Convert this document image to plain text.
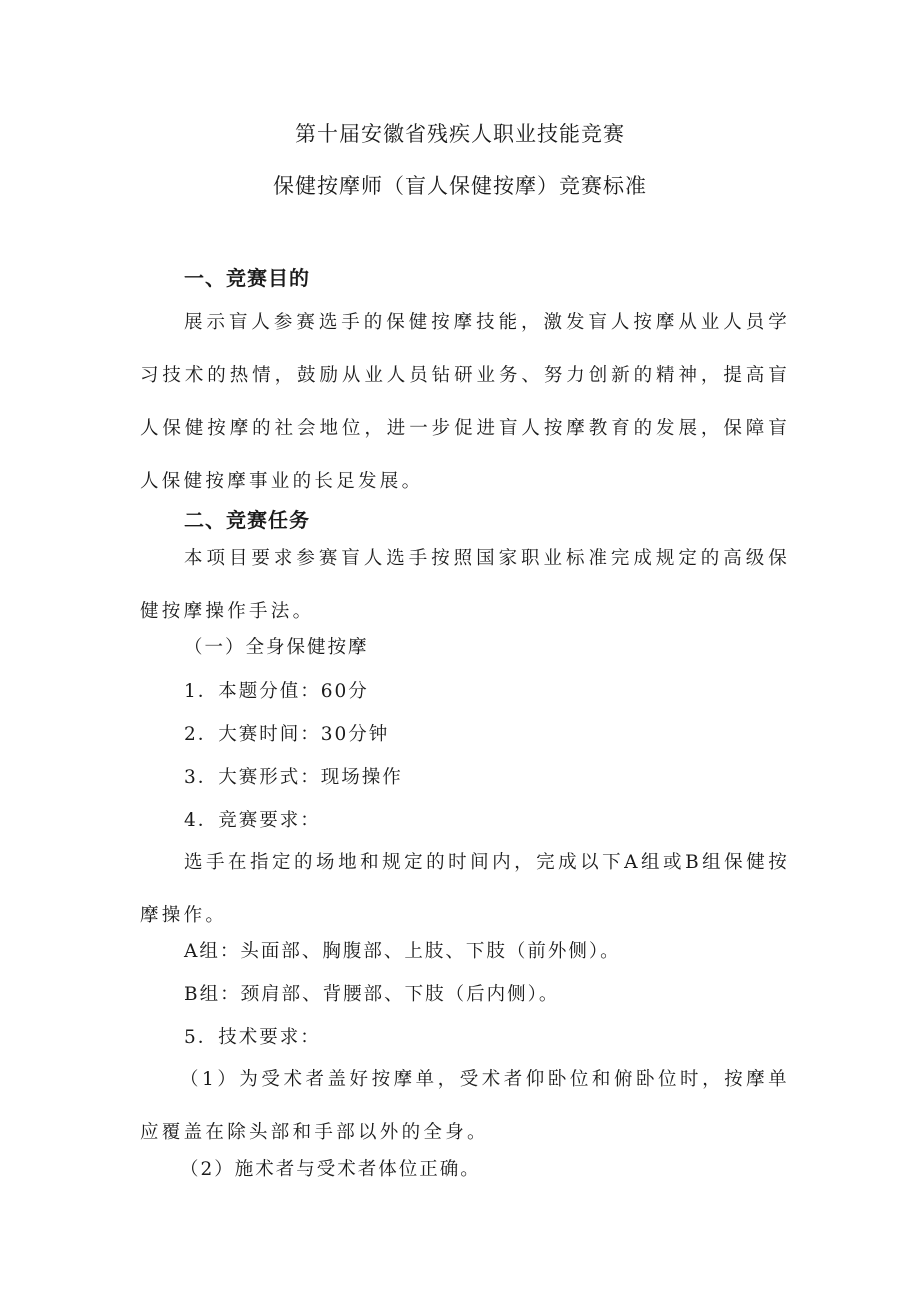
第十届安徽省残疾人职业技能竞赛
保健按摩师（盲人保健按摩）竞赛标准
一、竞赛目的
展示盲人参赛选手的保健按摩技能，激发盲人按摩从业人员学习技术的热情，鼓励从业人员钻研业务、努力创新的精神，提高盲人保健按摩的社会地位，进一步促进盲人按摩教育的发展，保障盲人保健按摩事业的长足发展。
二、竞赛任务
本项目要求参赛盲人选手按照国家职业标准完成规定的高级保健按摩操作手法。
（一）全身保健按摩
1．本题分值：60分
2．大赛时间：30分钟
3．大赛形式：现场操作
4．竞赛要求：
选手在指定的场地和规定的时间内，完成以下A组或B组保健按摩操作。
A组：头面部、胸腹部、上肢、下肢（前外侧）。
B组：颈肩部、背腰部、下肢（后内侧）。
5．技术要求：
（1）为受术者盖好按摩单，受术者仰卧位和俯卧位时，按摩单应覆盖在除头部和手部以外的全身。
（2）施术者与受术者体位正确。
